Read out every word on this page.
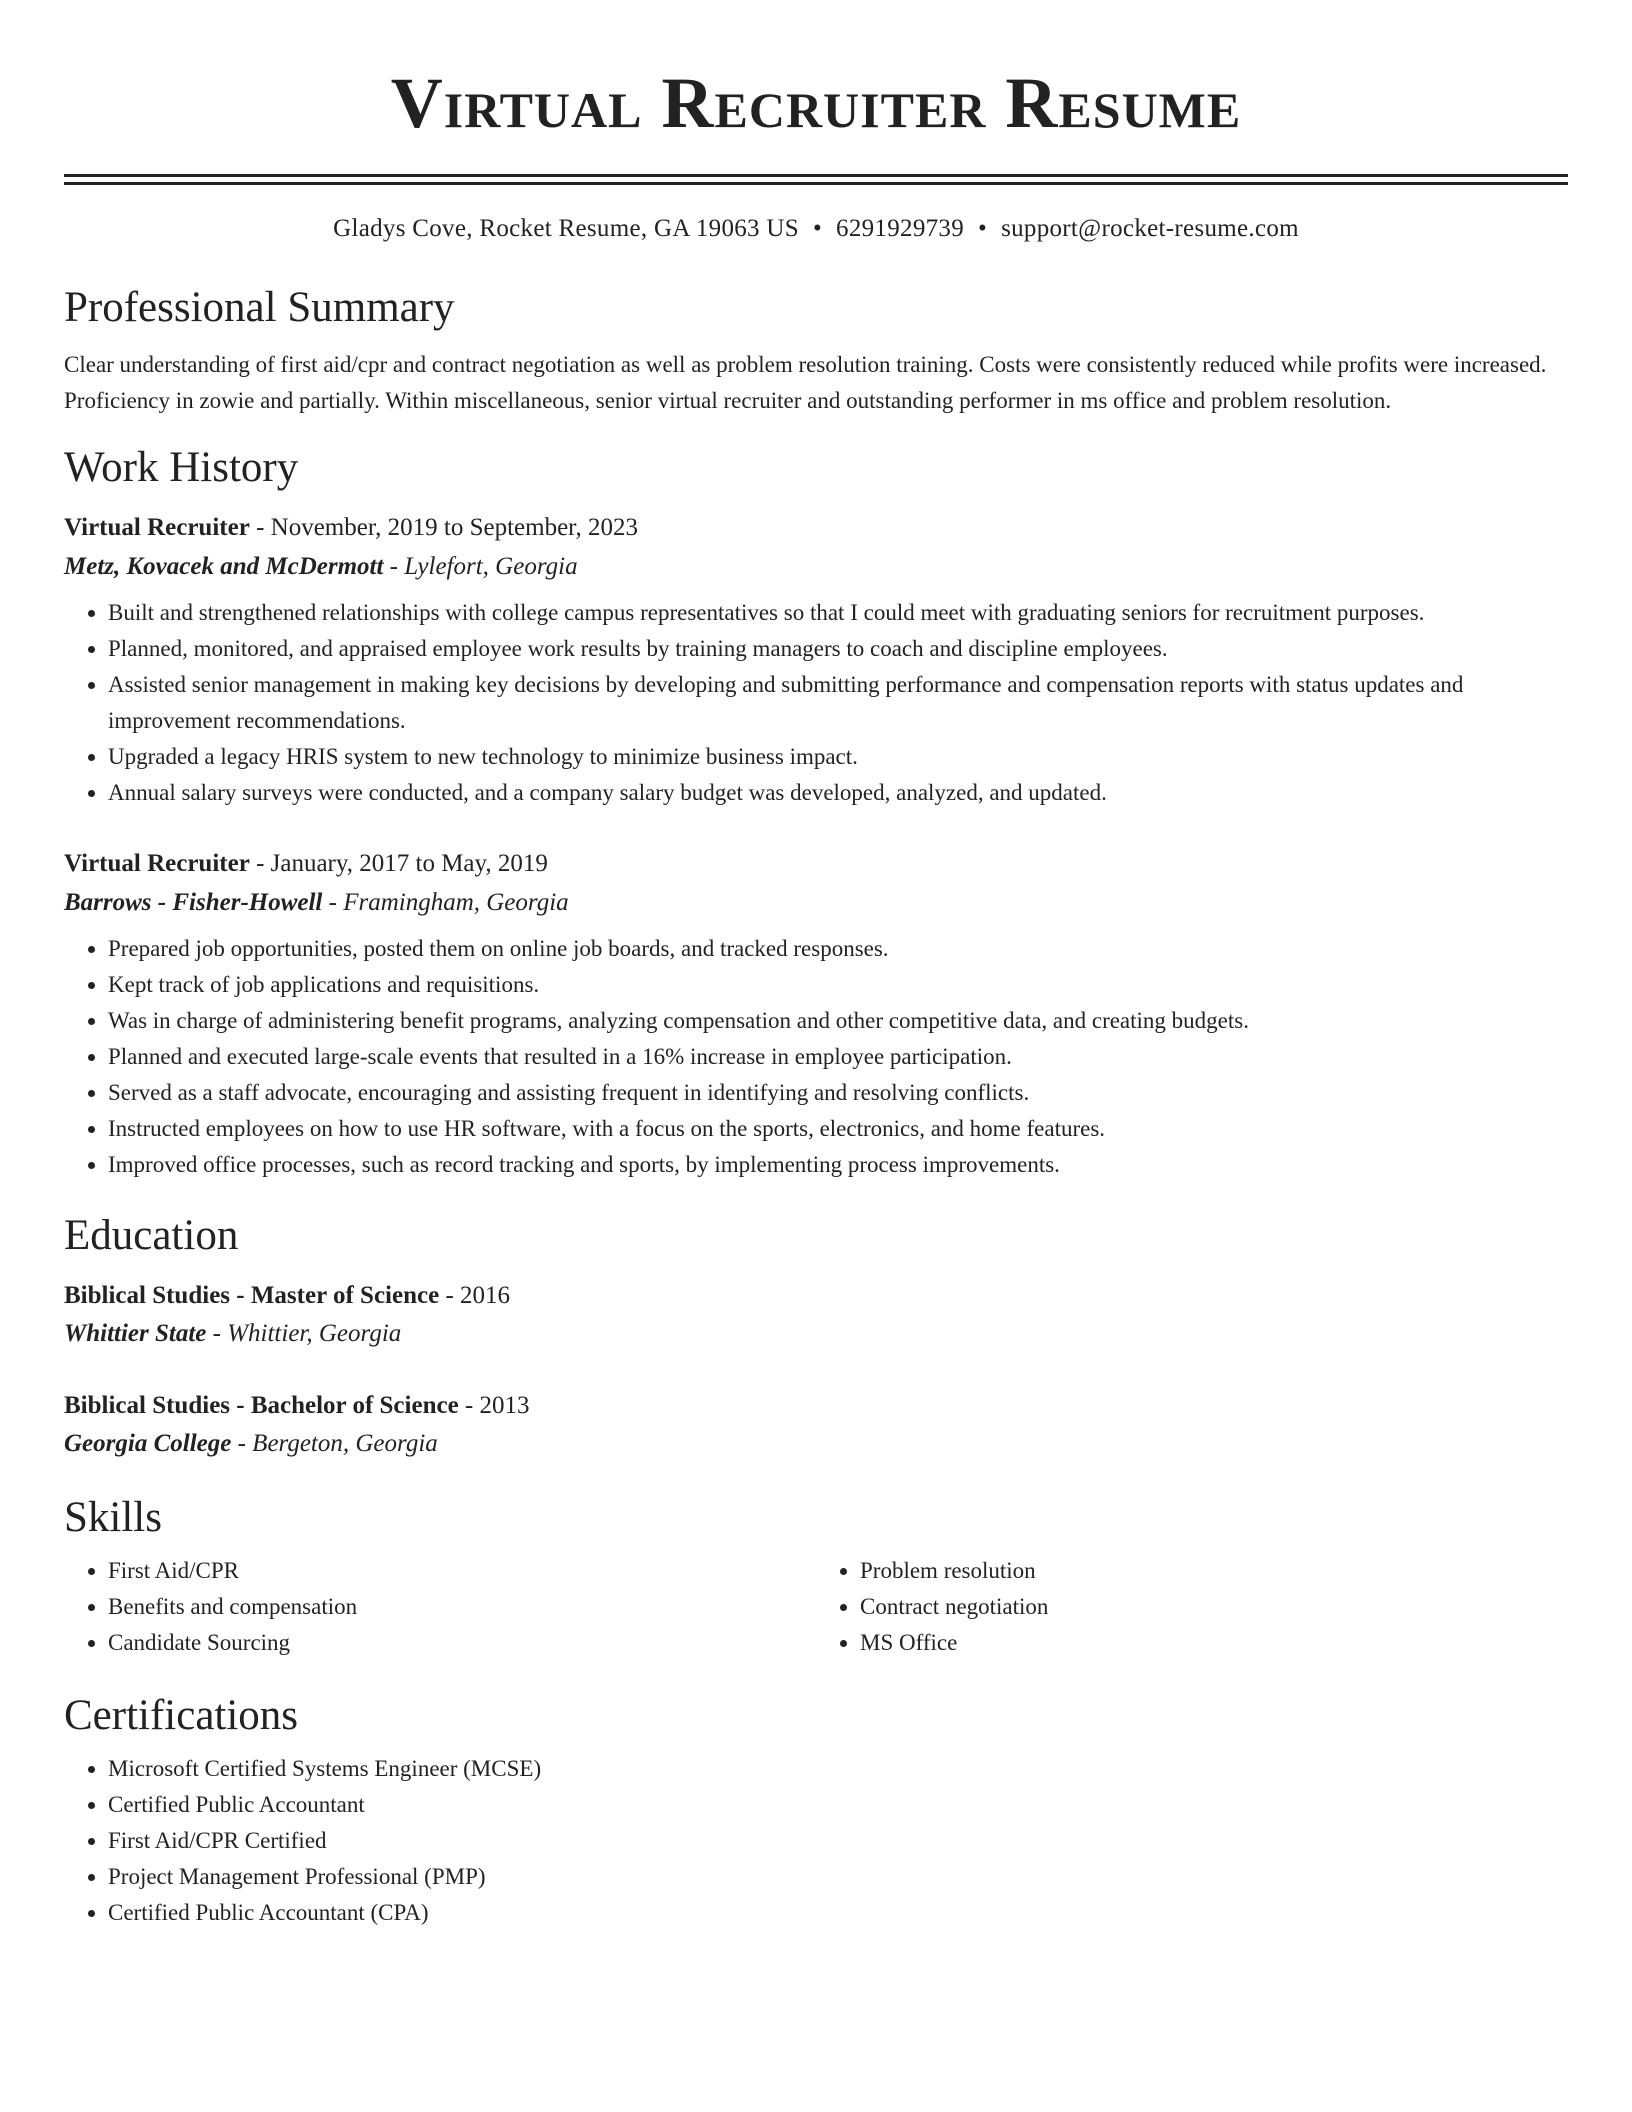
Virtual Recruiter Resume
Gladys Cove, Rocket Resume, GA 19063 US • 6291929739 • support@rocket-resume.com
Professional Summary

Clear understanding of first aid/cpr and contract negotiation as well as problem resolution training. Costs were consistently reduced while profits were increased. Proficiency in zowie and partially. Within miscellaneous, senior virtual recruiter and outstanding performer in ms office and problem resolution.

Work History
Virtual Recruiter - November, 2019 to September, 2023
Metz, Kovacek and McDermott - Lylefort, Georgia
• Built and strengthened relationships with college campus representatives so that I could meet with graduating seniors for recruitment purposes.
• Planned, monitored, and appraised employee work results by training managers to coach and discipline employees.
• Assisted senior management in making key decisions by developing and submitting performance and compensation reports with status updates and improvement recommendations.
• Upgraded a legacy HRIS system to new technology to minimize business impact.
• Annual salary surveys were conducted, and a company salary budget was developed, analyzed, and updated.
Virtual Recruiter - January, 2017 to May, 2019
Barrows - Fisher-Howell - Framingham, Georgia
• Prepared job opportunities, posted them on online job boards, and tracked responses.
• Kept track of job applications and requisitions.
• Was in charge of administering benefit programs, analyzing compensation and other competitive data, and creating budgets.
• Planned and executed large-scale events that resulted in a 16% increase in employee participation.
• Served as a staff advocate, encouraging and assisting frequent in identifying and resolving conflicts.
• Instructed employees on how to use HR software, with a focus on the sports, electronics, and home features.
• Improved office processes, such as record tracking and sports, by implementing process improvements.
Education
Biblical Studies - Master of Science - 2016
Whittier State - Whittier, Georgia
Biblical Studies - Bachelor of Science - 2013
Georgia College - Bergeton, Georgia
Skills
• First Aid/CPR
• Benefits and compensation
• Candidate Sourcing
• Problem resolution
• Contract negotiation
• MS Office
Certifications
• Microsoft Certified Systems Engineer (MCSE)
• Certified Public Accountant
• First Aid/CPR Certified
• Project Management Professional (PMP)
• Certified Public Accountant (CPA)
